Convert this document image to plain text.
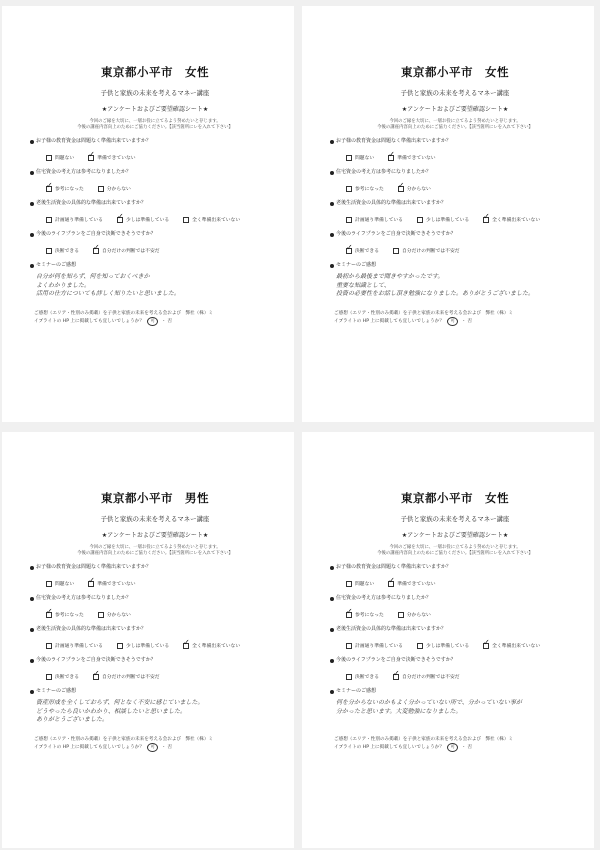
東京都小平市　女性
子供と家族の未来を考えるマネー講座
★アンケートおよびご要望確認シート★
今回のご縁を大切に、一層お役に立てるよう努めたいと存じます。
今後の講座内容向上のためにご協力ください。【該当箇所にレを入れて下さい】
お子様の教育資金は問題なく準備出来ていますか？
問題ない ✓	準備できていない
住宅資金の考え方は参考になりましたか？
✓
参考になった	分からない
老後生活資金の具体的な準備は出来ていますか？
計画通り準備している ✓	少しは準備している	全く準備出来ていない
今後のライフプランをご自身で決断できそうですか？
決断できる ✓	自分だけの判断では不安だ
セミナーのご感想
自分が何を知らず、何を知っておくべきか
よくわかりました。
活用の仕方についても詳しく知りたいと思いました。
ご感想（エリア・性別のみ掲載）を子供と家族の未来を考える会およびㅤ弊社（株）ミ
イブライトの HP 上に掲載しても宜しいでしょうか？ 可 ・ 否
東京都小平市　女性
子供と家族の未来を考えるマネー講座
★アンケートおよびご要望確認シート★
今回のご縁を大切に、一層お役に立てるよう努めたいと存じます。
今後の講座内容向上のためにご協力ください。【該当箇所にレを入れて下さい】
お子様の教育資金は問題なく準備出来ていますか？
問題ない ✓	準備できていない
住宅資金の考え方は参考になりましたか？
参考になった ✓	分からない
老後生活資金の具体的な準備は出来ていますか？
計画通り準備している	少しは準備している ✓	全く準備出来ていない
今後のライフプランをご自身で決断できそうですか？
✓
決断できる	自分だけの判断では不安だ
セミナーのご感想
最初から最後まで聞きやすかったです。
重要な知識として、
投資の必要性をお話し頂き勉強になりました。ありがとうございました。
ご感想（エリア・性別のみ掲載）を子供と家族の未来を考える会およびㅤ弊社（株）ミ
イブライトの HP 上に掲載しても宜しいでしょうか？ 可 ・ 否
東京都小平市　男性
子供と家族の未来を考えるマネー講座
★アンケートおよびご要望確認シート★
今回のご縁を大切に、一層お役に立てるよう努めたいと存じます。
今後の講座内容向上のためにご協力ください。【該当箇所にレを入れて下さい】
お子様の教育資金は問題なく準備出来ていますか？
問題ない ✓	準備できていない
住宅資金の考え方は参考になりましたか？
✓
参考になった	分からない
老後生活資金の具体的な準備は出来ていますか？
計画通り準備している	少しは準備している ✓	全く準備出来ていない
今後のライフプランをご自身で決断できそうですか？
決断できる ✓	自分だけの判断では不安だ
セミナーのご感想
資産形成を全くしておらず、何となく不安に感じていました。
どうやったら良いかわかり、相談したいと思いました。
ありがとうございました。
ご感想（エリア・性別のみ掲載）を子供と家族の未来を考える会およびㅤ弊社（株）ミ
イブライトの HP 上に掲載しても宜しいでしょうか？ 可 ・ 否
東京都小平市　女性
子供と家族の未来を考えるマネー講座
★アンケートおよびご要望確認シート★
今回のご縁を大切に、一層お役に立てるよう努めたいと存じます。
今後の講座内容向上のためにご協力ください。【該当箇所にレを入れて下さい】
お子様の教育資金は問題なく準備出来ていますか？
問題ない ✓	準備できていない
住宅資金の考え方は参考になりましたか？
✓
参考になった	分からない
老後生活資金の具体的な準備は出来ていますか？
計画通り準備している	少しは準備している ✓	全く準備出来ていない
今後のライフプランをご自身で決断できそうですか？
決断できる ✓	自分だけの判断では不安だ
セミナーのご感想
何を分からないのかもよく分かっていない所で、分かっていない事が
分かったと思います。大変勉強になりました。
ご感想（エリア・性別のみ掲載）を子供と家族の未来を考える会およびㅤ弊社（株）ミ
イブライトの HP 上に掲載しても宜しいでしょうか？ 可 ・ 否
